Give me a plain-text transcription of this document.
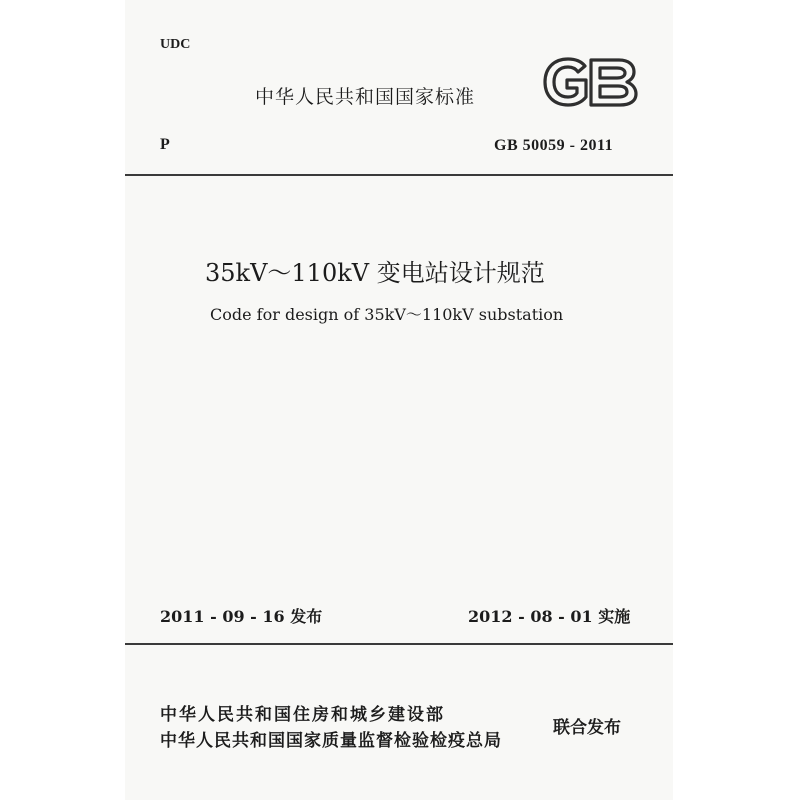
UDC
中华人民共和国国家标准
P	GB 50059 - 2011
35kV～110kV 变电站设计规范
Code for design of 35kV～110kV substation
2011 - 09 - 16 发布	2012 - 08 - 01 实施
中华人民共和国住房和城乡建设部
中华人民共和国国家质量监督检验检疫总局
联合发布
